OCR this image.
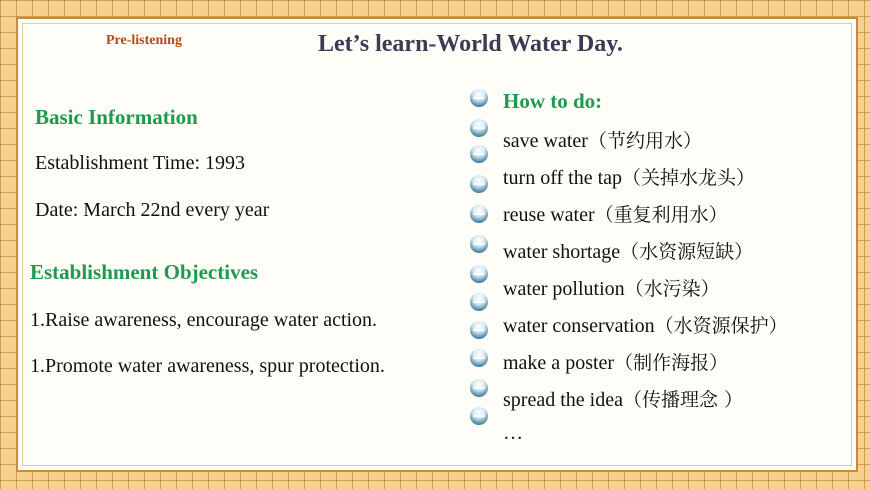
Pre-listening	Let’s learn-World Water Day.
Basic Information
Establishment Time: 1993
Date: March 22nd every year
Establishment Objectives
1.Raise awareness, encourage water action.
1.Promote water awareness, spur protection.
How to do:
save water（节约用水）
turn off the tap（关掉水龙头）
reuse water（重复利用水）
water shortage（水资源短缺）
water pollution（水污染）
water conservation（水资源保护）
make a poster（制作海报）
spread the idea（传播理念 ）
…
